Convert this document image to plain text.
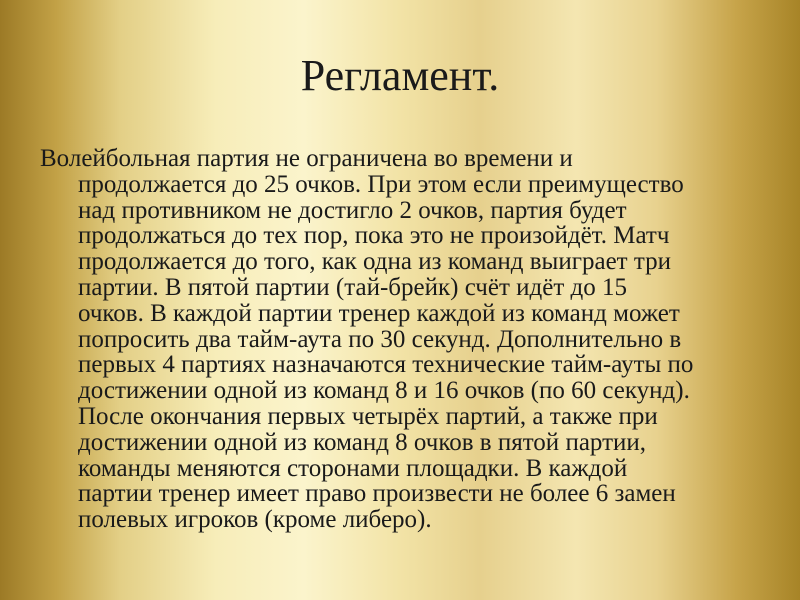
Регламент.
Волейбольная партия не ограничена во времени и
продолжается до 25 очков. При этом если преимущество
над противником не достигло 2 очков, партия будет
продолжаться до тех пор, пока это не произойдёт. Матч
продолжается до того, как одна из команд выиграет три
партии. В пятой партии (тай-брейк) счёт идёт до 15
очков. В каждой партии тренер каждой из команд может
попросить два тайм-аута по 30 секунд. Дополнительно в
первых 4 партиях назначаются технические тайм-ауты по
достижении одной из команд 8 и 16 очков (по 60 секунд).
После окончания первых четырёх партий, а также при
достижении одной из команд 8 очков в пятой партии,
команды меняются сторонами площадки. В каждой
партии тренер имеет право произвести не более 6 замен
полевых игроков (кроме либеро).
